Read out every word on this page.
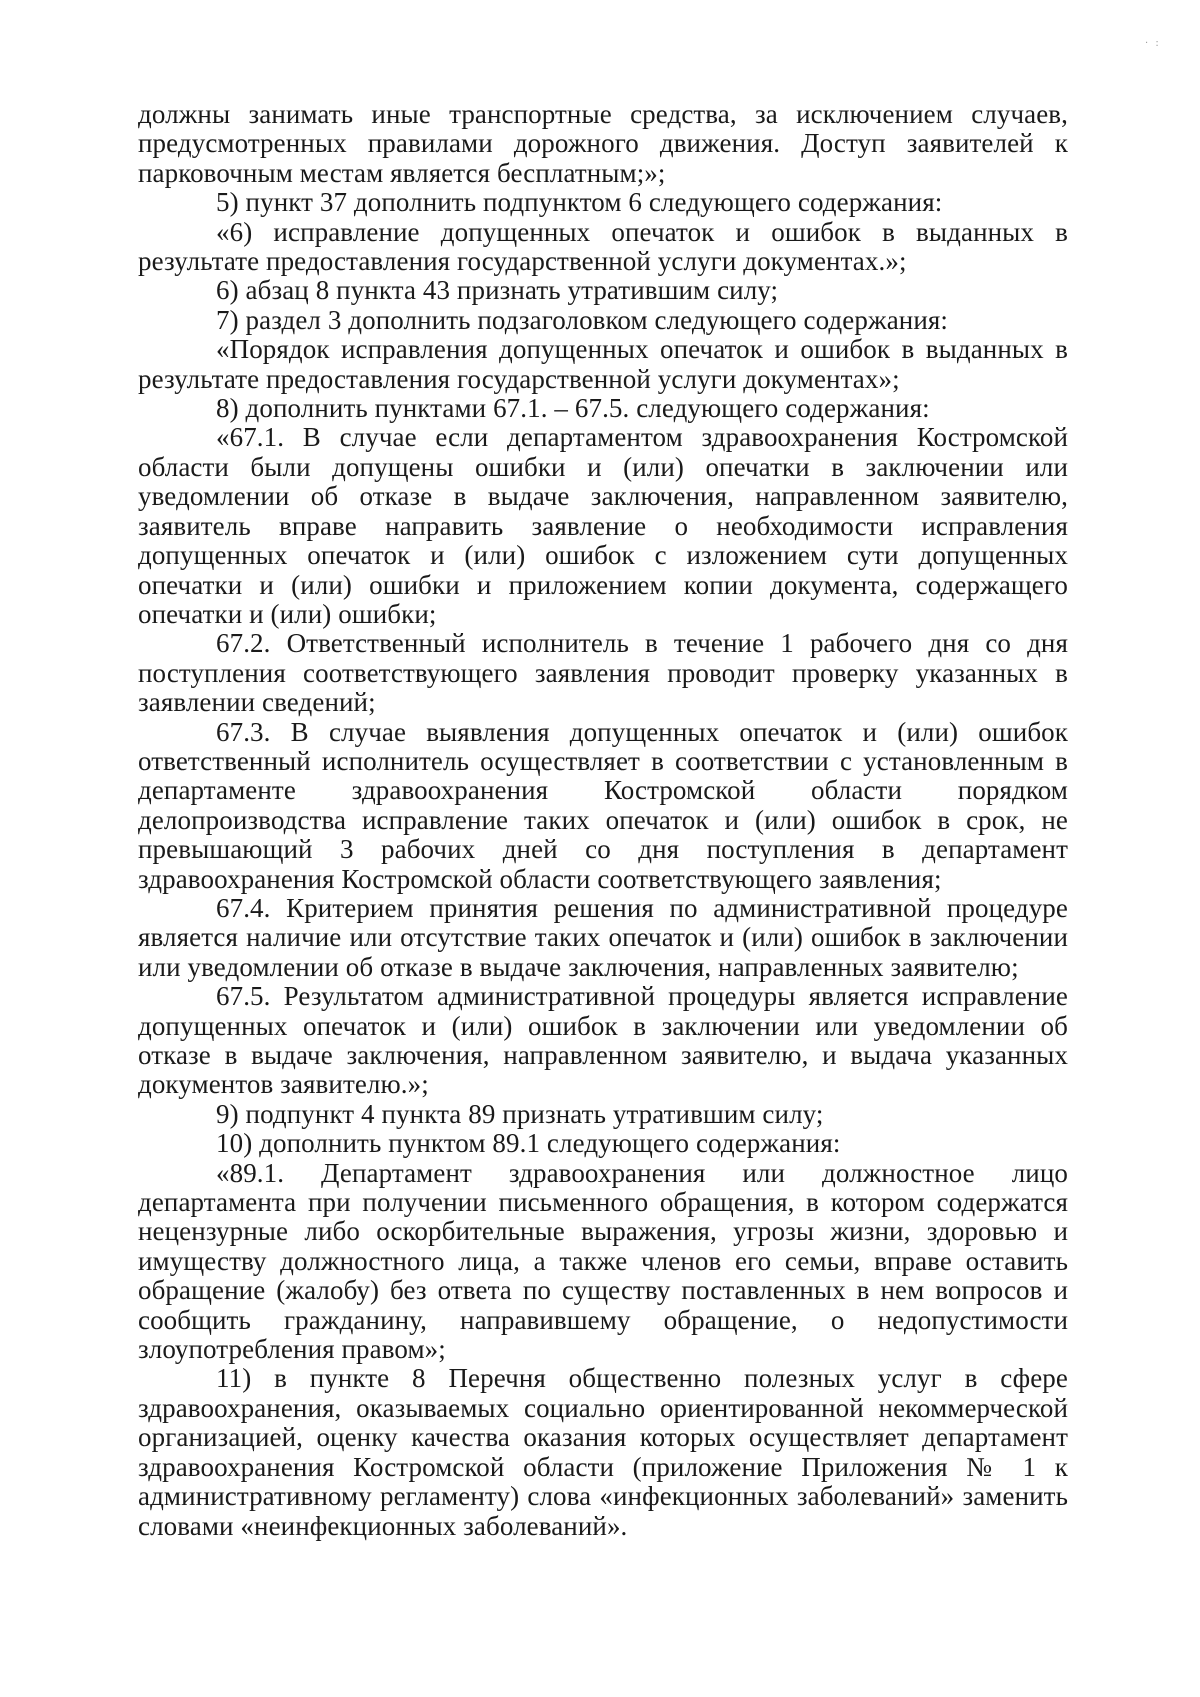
· :

должны занимать иные транспортные средства, за исключением случаев, предусмотренных правилами дорожного движения. Доступ заявителей к парковочным местам является бесплатным;»;

5) пункт 37 дополнить подпунктом 6 следующего содержания:

«6) исправление допущенных опечаток и ошибок в выданных в результате предоставления государственной услуги документах.»;

6) абзац 8 пункта 43 признать утратившим силу;

7) раздел 3 дополнить подзаголовком следующего содержания:

«Порядок исправления допущенных опечаток и ошибок в выданных в результате предоставления государственной услуги документах»;

8) дополнить пунктами 67.1. – 67.5. следующего содержания:

«67.1. В случае если департаментом здравоохранения Костромской области были допущены ошибки и (или) опечатки в заключении или уведомлении об отказе в выдаче заключения, направленном заявителю, заявитель вправе направить заявление о необходимости исправления допущенных опечаток и (или) ошибок с изложением сути допущенных опечатки и (или) ошибки и приложением копии документа, содержащего опечатки и (или) ошибки;

67.2. Ответственный исполнитель в течение 1 рабочего дня со дня поступления соответствующего заявления проводит проверку указанных в заявлении сведений;

67.3. В случае выявления допущенных опечаток и (или) ошибок ответственный исполнитель осуществляет в соответствии с установленным в департаменте здравоохранения Костромской области порядком делопроизводства исправление таких опечаток и (или) ошибок в срок, не превышающий 3 рабочих дней со дня поступления в департамент здравоохранения Костромской области соответствующего заявления;

67.4. Критерием принятия решения по административной процедуре является наличие или отсутствие таких опечаток и (или) ошибок в заключении или уведомлении об отказе в выдаче заключения, направленных заявителю;

67.5. Результатом административной процедуры является исправление допущенных опечаток и (или) ошибок в заключении или уведомлении об отказе в выдаче заключения, направленном заявителю, и выдача указанных документов заявителю.»;

9) подпункт 4 пункта 89 признать утратившим силу;

10) дополнить пунктом 89.1 следующего содержания:

«89.1. Департамент здравоохранения или должностное лицо департамента при получении письменного обращения, в котором содержатся нецензурные либо оскорбительные выражения, угрозы жизни, здоровью и имуществу должностного лица, а также членов его семьи, вправе оставить обращение (жалобу) без ответа по существу поставленных в нем вопросов и сообщить гражданину, направившему обращение, о недопустимости злоупотребления правом»;

11) в пункте 8 Перечня общественно полезных услуг в сфере здравоохранения, оказываемых социально ориентированной некоммерческой организацией, оценку качества оказания которых осуществляет департамент здравоохранения Костромской области (приложение Приложения № 1 к административному регламенту) слова «инфекционных заболеваний» заменить словами «неинфекционных заболеваний».
